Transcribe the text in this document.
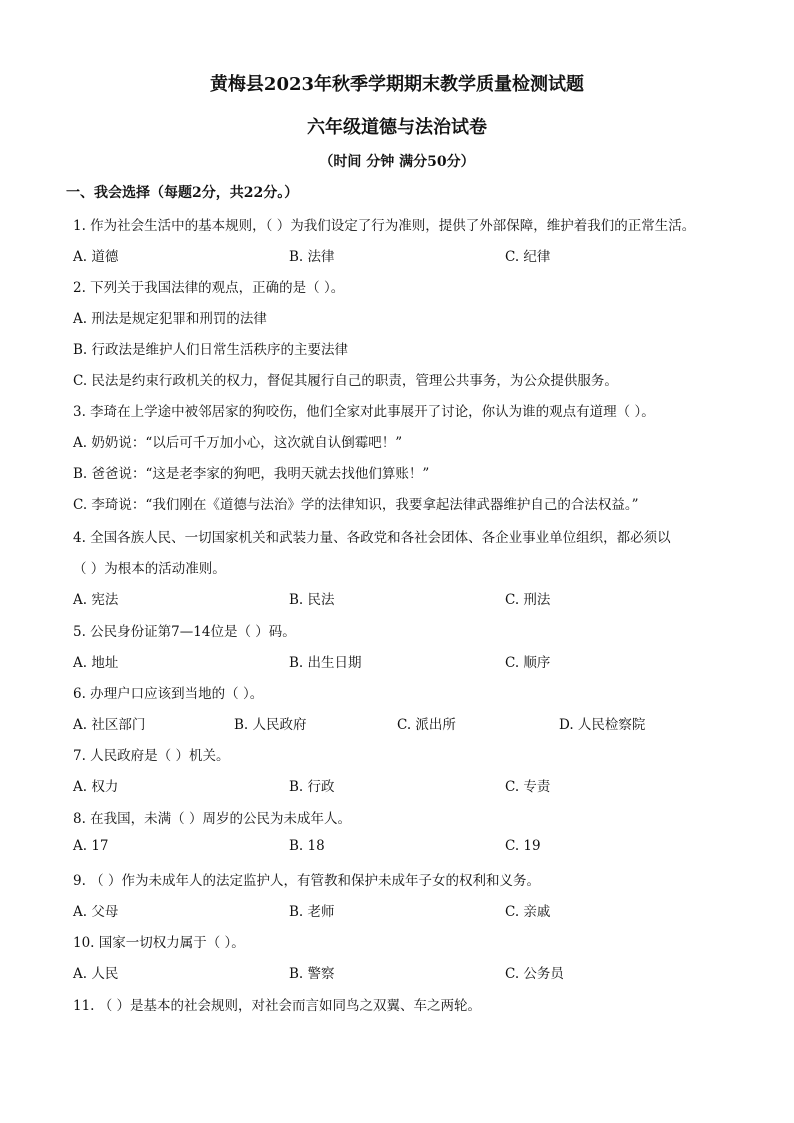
黄梅县2023年秋季学期期末教学质量检测试题
六年级道德与法治试卷
（时间 分钟 满分50分）
一、我会选择（每题2分，共22分。）
1. 作为社会生活中的基本规则，（ ）为我们设定了行为准则，提供了外部保障，维护着我们的正常生活。
A. 道德	B. 法律	C. 纪律
2. 下列关于我国法律的观点，正确的是（ ）。
A. 刑法是规定犯罪和刑罚的法律
B. 行政法是维护人们日常生活秩序的主要法律
C. 民法是约束行政机关的权力，督促其履行自己的职责，管理公共事务，为公众提供服务。
3. 李琦在上学途中被邻居家的狗咬伤，他们全家对此事展开了讨论，你认为谁的观点有道理（ ）。
A. 奶奶说：“以后可千万加小心，这次就自认倒霉吧！”
B. 爸爸说：“这是老李家的狗吧，我明天就去找他们算账！”
C. 李琦说：“我们刚在《道德与法治》学的法律知识，我要拿起法律武器维护自己的合法权益。”
4. 全国各族人民、一切国家机关和武装力量、各政党和各社会团体、各企业事业单位组织，都必须以
（ ）为根本的活动准则。
A. 宪法	B. 民法	C. 刑法
5. 公民身份证第7—14位是（ ）码。
A. 地址	B. 出生日期	C. 顺序
6. 办理户口应该到当地的（ ）。
A. 社区部门	B. 人民政府	C. 派出所	D. 人民检察院
7. 人民政府是（ ）机关。
A. 权力	B. 行政	C. 专责
8. 在我国，未满（ ）周岁的公民为未成年人。
A. 17	B. 18	C. 19
9. （ ）作为未成年人的法定监护人，有管教和保护未成年子女的权利和义务。
A. 父母	B. 老师	C. 亲戚
10. 国家一切权力属于（ ）。
A. 人民	B. 警察	C. 公务员
11. （ ）是基本的社会规则，对社会而言如同鸟之双翼、车之两轮。
